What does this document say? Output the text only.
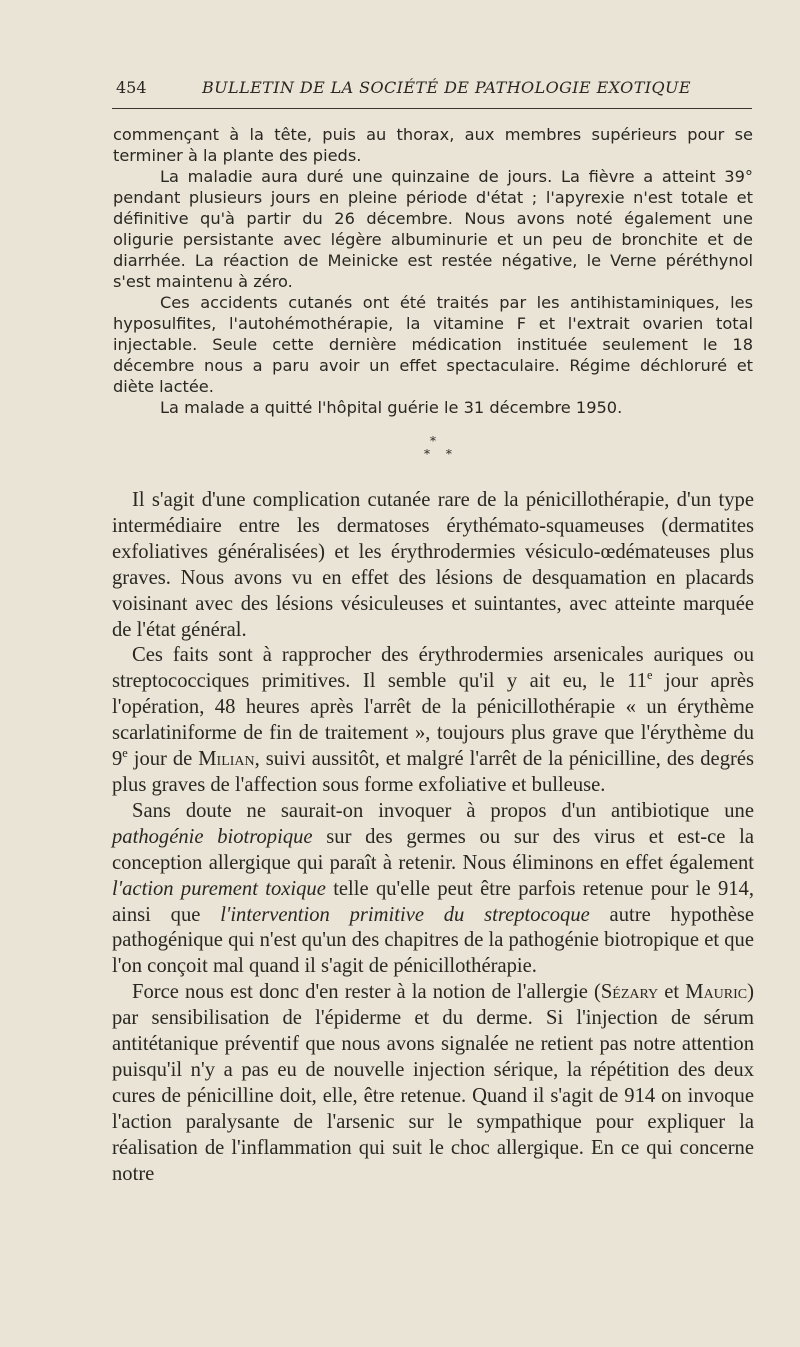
454	BULLETIN DE LA SOCIÉTÉ DE PATHOLOGIE EXOTIQUE

commençant à la tête, puis au thorax, aux membres supérieurs pour se terminer à la plante des pieds.

La maladie aura duré une quinzaine de jours. La fièvre a atteint 39° pendant plusieurs jours en pleine période d'état ; l'apyrexie n'est totale et définitive qu'à partir du 26 décembre. Nous avons noté également une oligurie persistante avec légère albuminurie et un peu de bronchite et de diarrhée. La réaction de Meinicke est restée négative, le Verne péréthynol s'est maintenu à zéro.

Ces accidents cutanés ont été traités par les antihistaminiques, les hyposulfites, l'autohémothérapie, la vitamine F et l'extrait ovarien total injectable. Seule cette dernière médication instituée seulement le 18 décembre nous a paru avoir un effet spectaculaire. Régime déchloruré et diète lactée.

La malade a quitté l'hôpital guérie le 31 décembre 1950.

*
* *

Il s'agit d'une complication cutanée rare de la pénicillothérapie, d'un type intermédiaire entre les dermatoses érythémato-squameuses (dermatites exfoliatives généralisées) et les érythrodermies vésiculo-œdémateuses plus graves. Nous avons vu en effet des lésions de desquamation en placards voisinant avec des lésions vésiculeuses et suintantes, avec atteinte marquée de l'état général.

Ces faits sont à rapprocher des érythrodermies arsenicales auriques ou streptococciques primitives. Il semble qu'il y ait eu, le 11e jour après l'opération, 48 heures après l'arrêt de la pénicillothérapie « un érythème scarlatiniforme de fin de traitement », toujours plus grave que l'érythème du 9e jour de Milian, suivi aussitôt, et malgré l'arrêt de la pénicilline, des degrés plus graves de l'affection sous forme exfoliative et bulleuse.

Sans doute ne saurait-on invoquer à propos d'un antibiotique une pathogénie biotropique sur des germes ou sur des virus et est-ce la conception allergique qui paraît à retenir. Nous éliminons en effet également l'action purement toxique telle qu'elle peut être parfois retenue pour le 914, ainsi que l'intervention primitive du streptocoque autre hypothèse pathogénique qui n'est qu'un des chapitres de la pathogénie biotropique et que l'on conçoit mal quand il s'agit de pénicillothérapie.

Force nous est donc d'en rester à la notion de l'allergie (Sézary et Mauric) par sensibilisation de l'épiderme et du derme. Si l'injection de sérum antitétanique préventif que nous avons signalée ne retient pas notre attention puisqu'il n'y a pas eu de nouvelle injection sérique, la répétition des deux cures de pénicilline doit, elle, être retenue. Quand il s'agit de 914 on invoque l'action paralysante de l'arsenic sur le sympathique pour expliquer la réalisation de l'inflammation qui suit le choc allergique. En ce qui concerne notre
